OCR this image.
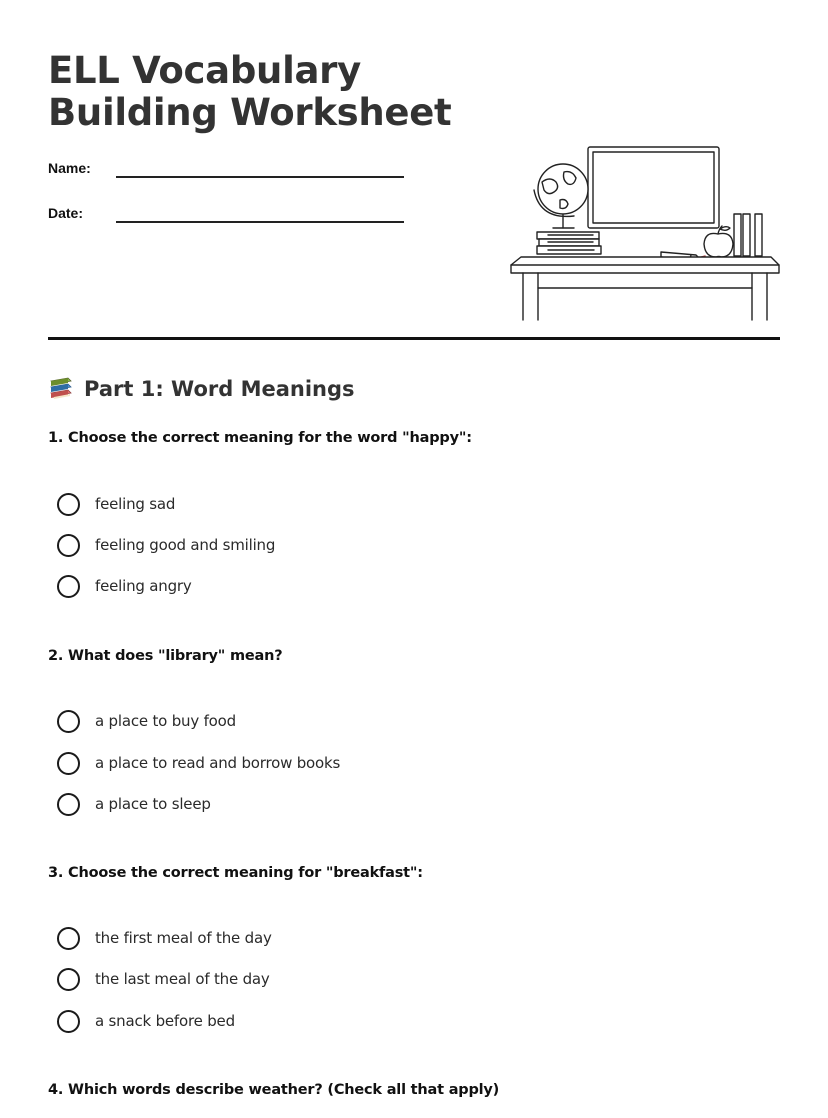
ELL Vocabulary Building Worksheet
Name:
Date:
Part 1: Word Meanings

1. Choose the correct meaning for the word "happy":

feeling sad
feeling good and smiling
feeling angry

2. What does "library" mean?

a place to buy food
a place to read and borrow books
a place to sleep

3. Choose the correct meaning for "breakfast":

the first meal of the day
the last meal of the day
a snack before bed

4. Which words describe weather? (Check all that apply)
